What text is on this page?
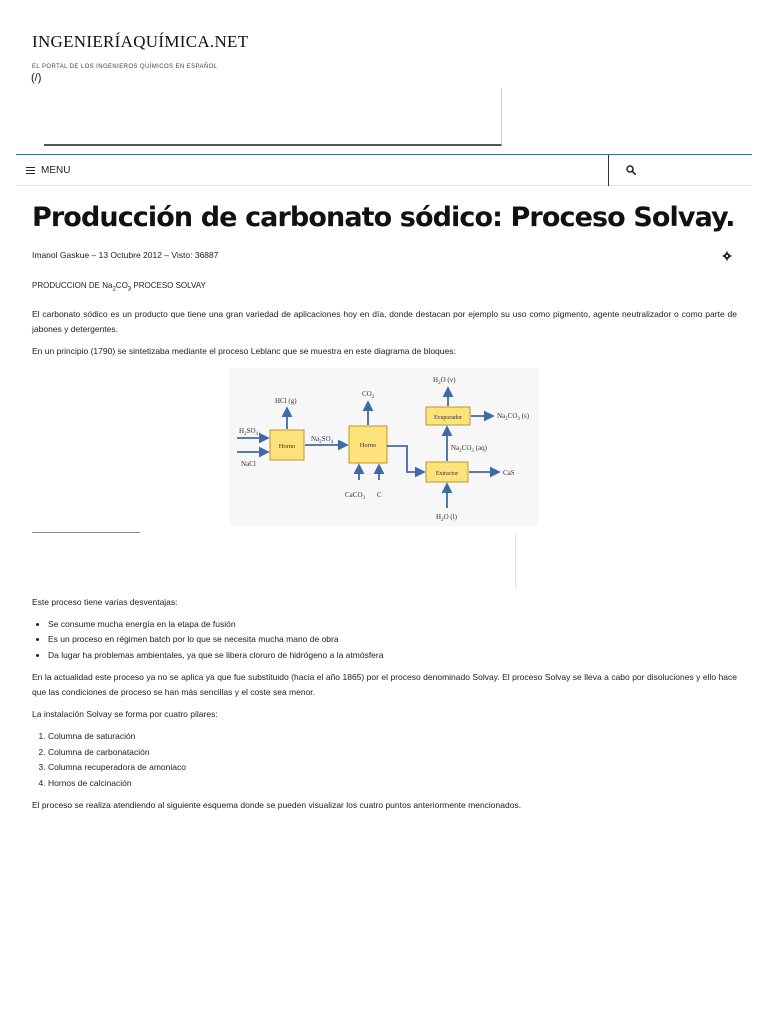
INGENIERÍAQUÍMICA.NET
EL PORTAL DE LOS INGENIEROS QUÍMICOS EN ESPAÑOL
(/)
MENU
Producción de carbonato sódico: Proceso Solvay.
Imanol Gaskue – 13 Octubre 2012 – Visto: 36887

PRODUCCION DE $Na_2CO_3$ PROCESO SOLVAY

El carbonato sódico es un producto que tiene una gran variedad de aplicaciones hoy en día, donde destacan por ejemplo su uso como pigmento, agente neutralizador o como parte de jabones y detergentes.

En un principio (1790) se sintetizaba mediante el proceso Leblanc que se muestra en este diagrama de bloques:

Horno	Horno
Evaporador
Extractor
$H_2SO_4$
NaCl
HCl (g)
$Na_2SO_4$
$CO_2$
CaCO$_3$ C
$H_2O$ (v)
$Na_2CO_3$ (s)
$Na_2CO_3$ (aq)
CaS
$H_2O$ (l)

Este proceso tiene varias desventajas:

• Se consume mucha energía en la etapa de fusión
• Es un proceso en régimen batch por lo que se necesita mucha mano de obra
• Da lugar ha problemas ambientales, ya que se libera cloruro de hidrógeno a la atmósfera

En la actualidad este proceso ya no se aplica ya que fue substituido (hacia el año 1865) por el proceso denominado Solvay. El proceso Solvay se lleva a cabo por disoluciones y ello hace que las condiciones de proceso se han más sencillas y el coste sea menor.

La instalación Solvay se forma por cuatro pilares:

1. Columna de saturación
2. Columna de carbonatación
3. Columna recuperadora de amoniaco
4. Hornos de calcinación

El proceso se realiza atendiendo al siguiente esquema donde se pueden visualizar los cuatro puntos anteriormente mencionados.
